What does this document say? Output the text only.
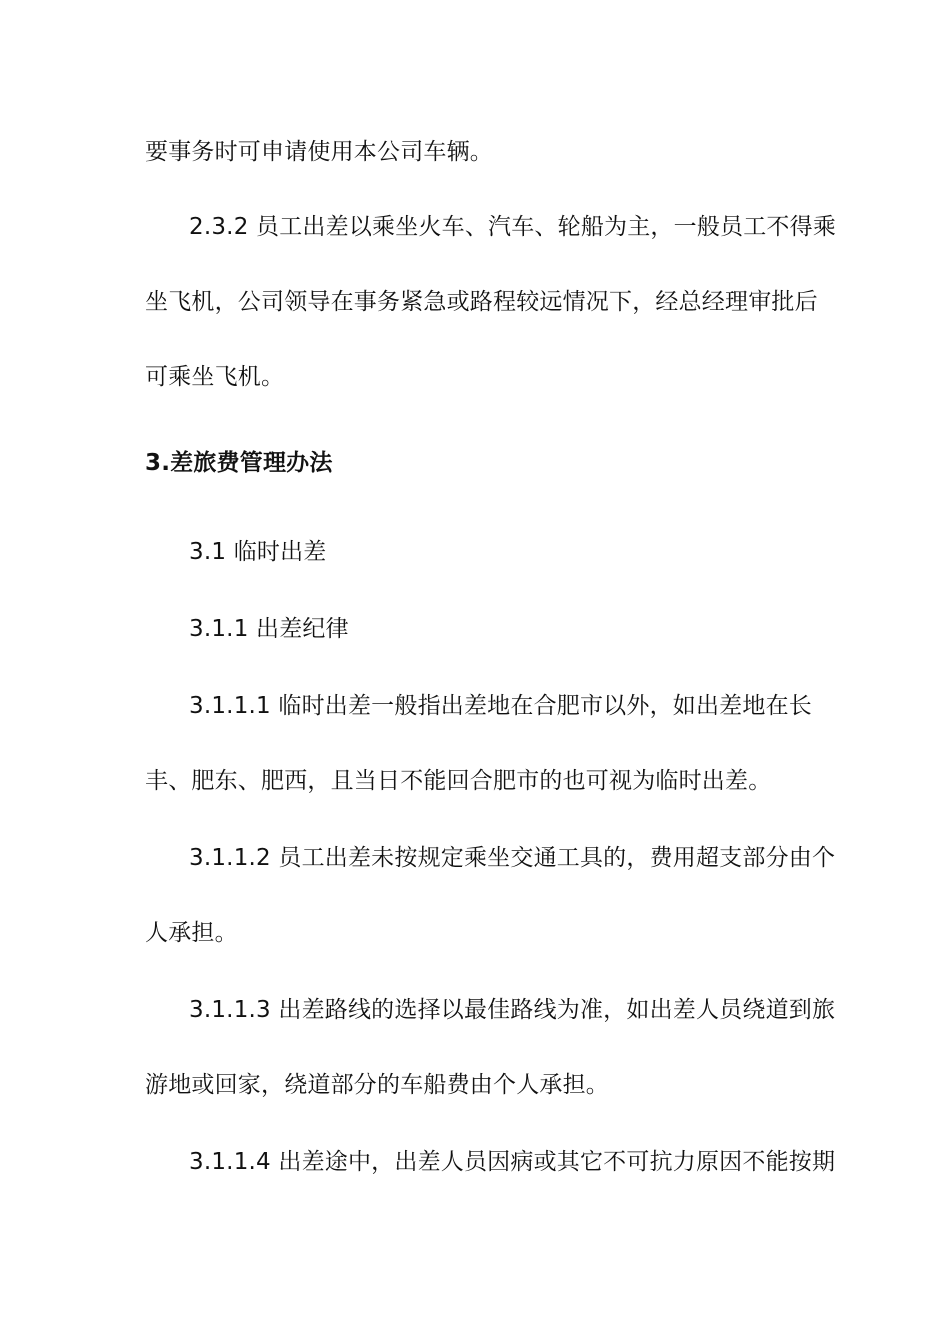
要事务时可申请使用本公司车辆。
2.3.2 员工出差以乘坐火车、汽车、轮船为主，一般员工不得乘
坐飞机，公司领导在事务紧急或路程较远情况下，经总经理审批后
可乘坐飞机。
3.差旅费管理办法
3.1 临时出差
3.1.1 出差纪律
3.1.1.1 临时出差一般指出差地在合肥市以外，如出差地在长
丰、肥东、肥西，且当日不能回合肥市的也可视为临时出差。
3.1.1.2 员工出差未按规定乘坐交通工具的，费用超支部分由个
人承担。
3.1.1.3 出差路线的选择以最佳路线为准，如出差人员绕道到旅
游地或回家，绕道部分的车船费由个人承担。
3.1.1.4 出差途中，出差人员因病或其它不可抗力原因不能按期
